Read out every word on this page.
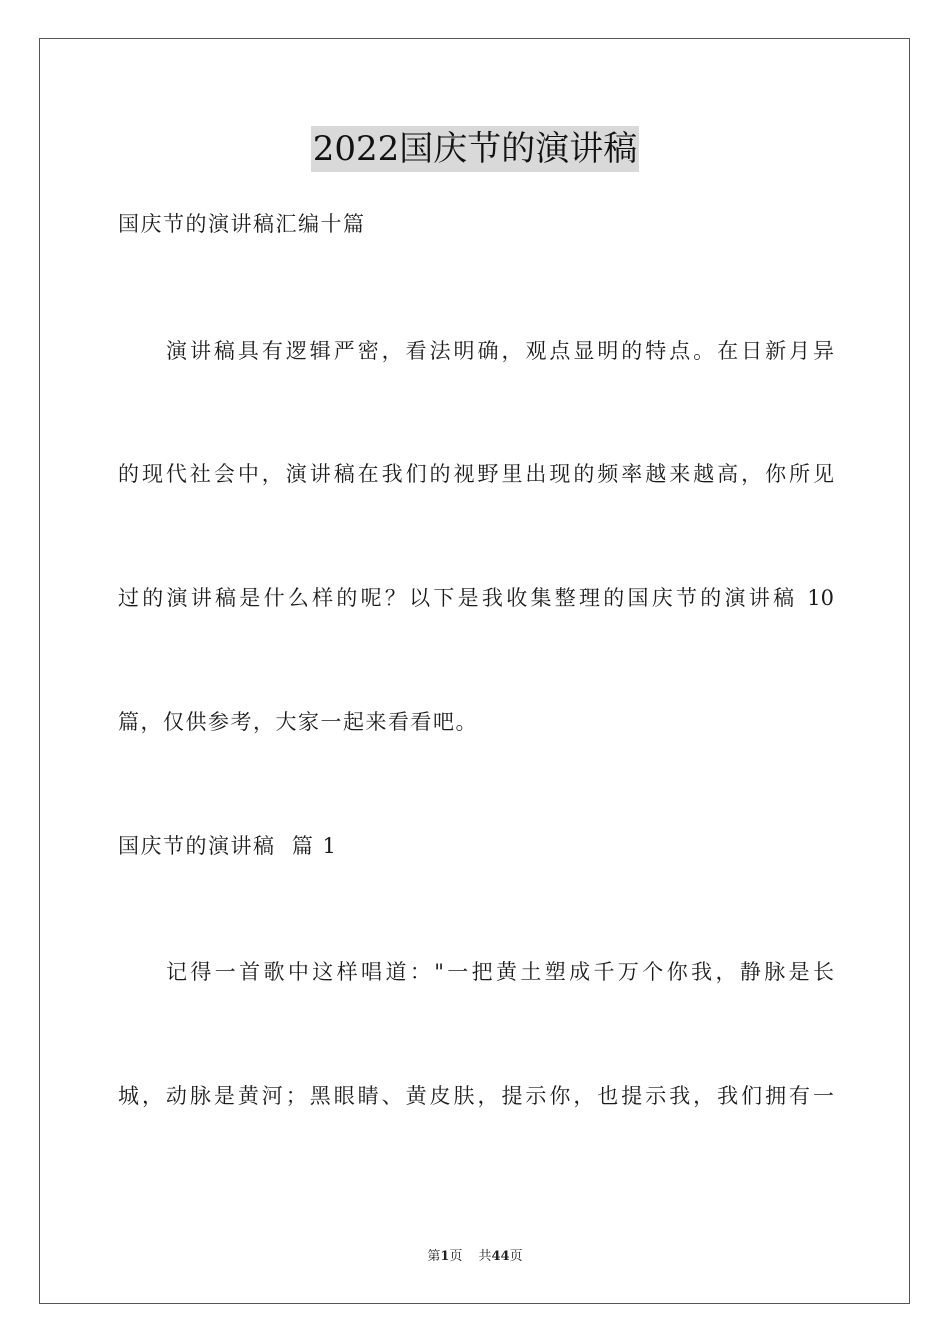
2022国庆节的演讲稿
国庆节的演讲稿汇编十篇
演讲稿具有逻辑严密，看法明确，观点显明的特点。在日新月异
的现代社会中，演讲稿在我们的视野里出现的频率越来越高，你所见
过的演讲稿是什么样的呢？以下是我收集整理的国庆节的演讲稿 10
篇，仅供参考，大家一起来看看吧。
国庆节的演讲稿  篇 1
记得一首歌中这样唱道："一把黄土塑成千万个你我，静脉是长
城，动脉是黄河；黑眼睛、黄皮肤，提示你，也提示我，我们拥有一
第1页 共44页
